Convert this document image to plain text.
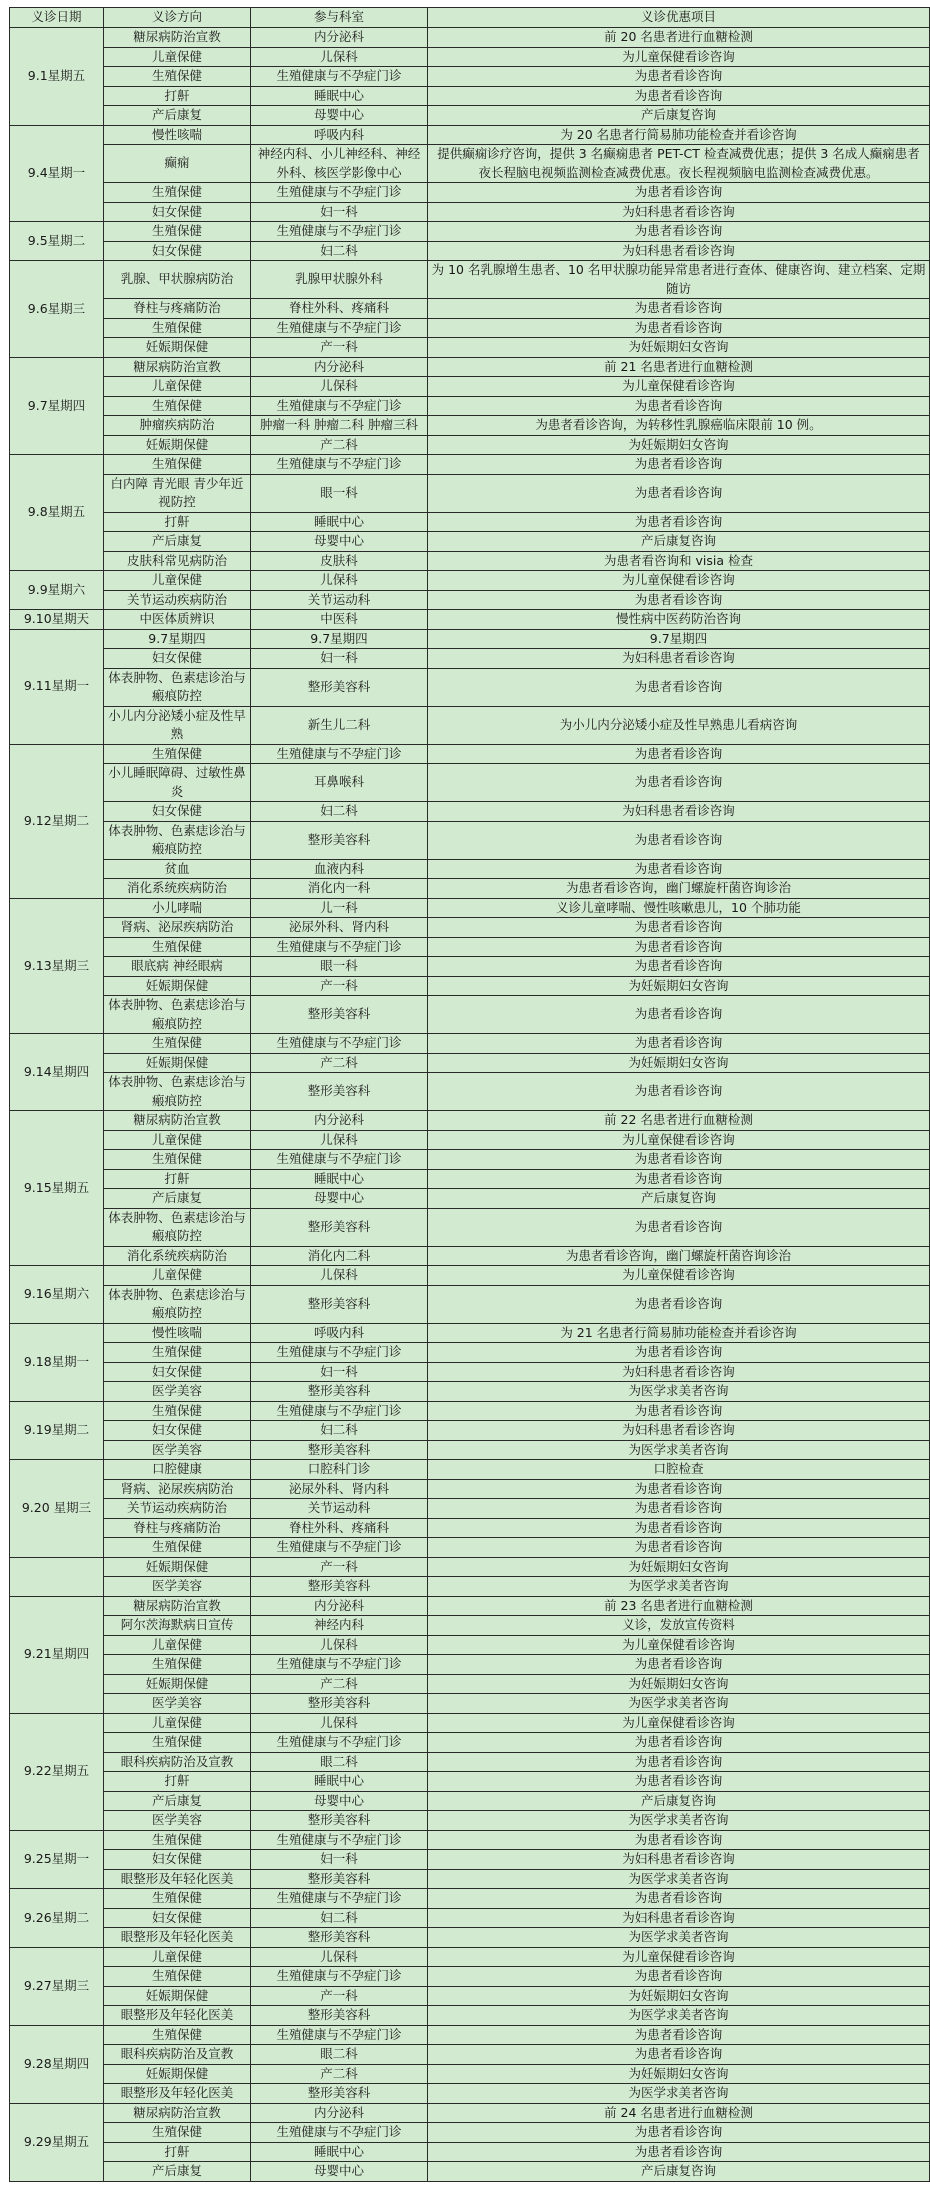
义诊日期	义诊方向	参与科室	义诊优惠项目
9.1星期五	糖尿病防治宣教	内分泌科	前 20 名患者进行血糖检测
	儿童保健	儿保科	为儿童保健看诊咨询
	生殖保健	生殖健康与不孕症门诊	为患者看诊咨询
	打鼾	睡眠中心	为患者看诊咨询
	产后康复	母婴中心	产后康复咨询
9.4星期一	慢性咳喘	呼吸内科	为 20 名患者行简易肺功能检查并看诊咨询
	癫痫	神经内科、小儿神经科、神经外科、核医学影像中心	提供癫痫诊疗咨询，提供 3 名癫痫患者 PET-CT 检查减费优惠；提供 3 名成人癫痫患者夜长程脑电视频监测检查减费优惠。夜长程视频脑电监测检查减费优惠。
	生殖保健	生殖健康与不孕症门诊	为患者看诊咨询
	妇女保健	妇一科	为妇科患者看诊咨询
9.5星期二	生殖保健	生殖健康与不孕症门诊	为患者看诊咨询
	妇女保健	妇二科	为妇科患者看诊咨询
9.6星期三	乳腺、甲状腺病防治	乳腺甲状腺外科	为 10 名乳腺增生患者、10 名甲状腺功能异常患者进行查体、健康咨询、建立档案、定期随访
	脊柱与疼痛防治	脊柱外科、疼痛科	为患者看诊咨询
	生殖保健	生殖健康与不孕症门诊	为患者看诊咨询
	妊娠期保健	产一科	为妊娠期妇女咨询
9.7星期四	糖尿病防治宣教	内分泌科	前 21 名患者进行血糖检测
	儿童保健	儿保科	为儿童保健看诊咨询
	生殖保健	生殖健康与不孕症门诊	为患者看诊咨询
	肿瘤疾病防治	肿瘤一科 肿瘤二科 肿瘤三科	为患者看诊咨询，为转移性乳腺癌临床限前 10 例。
	妊娠期保健	产二科	为妊娠期妇女咨询
9.8星期五	生殖保健	生殖健康与不孕症门诊	为患者看诊咨询
	白内障 青光眼 青少年近视防控	眼一科	为患者看诊咨询
	打鼾	睡眠中心	为患者看诊咨询
	产后康复	母婴中心	产后康复咨询
	皮肤科常见病防治	皮肤科	为患者看咨询和 visia 检查
9.9星期六	儿童保健	儿保科	为儿童保健看诊咨询
	关节运动疾病防治	关节运动科	为患者看诊咨询
9.10星期天	中医体质辨识	中医科	慢性病中医药防治咨询
9.11星期一	9.7星期四	9.7星期四	9.7星期四
	妇女保健	妇一科	为妇科患者看诊咨询
	体表肿物、色素痣诊治与瘢痕防控	整形美容科	为患者看诊咨询
	小儿内分泌矮小症及性早熟	新生儿二科	为小儿内分泌矮小症及性早熟患儿看病咨询
9.12星期二	生殖保健	生殖健康与不孕症门诊	为患者看诊咨询
	小儿睡眠障碍、过敏性鼻炎	耳鼻喉科	为患者看诊咨询
	妇女保健	妇二科	为妇科患者看诊咨询
	体表肿物、色素痣诊治与瘢痕防控	整形美容科	为患者看诊咨询
	贫血	血液内科	为患者看诊咨询
	消化系统疾病防治	消化内一科	为患者看诊咨询，幽门螺旋杆菌咨询诊治
9.13星期三	小儿哮喘	儿一科	义诊儿童哮喘、慢性咳嗽患儿，10 个肺功能
	肾病、泌尿疾病防治	泌尿外科、肾内科	为患者看诊咨询
	生殖保健	生殖健康与不孕症门诊	为患者看诊咨询
	眼底病 神经眼病	眼一科	为患者看诊咨询
	妊娠期保健	产一科	为妊娠期妇女咨询
	体表肿物、色素痣诊治与瘢痕防控	整形美容科	为患者看诊咨询
9.14星期四	生殖保健	生殖健康与不孕症门诊	为患者看诊咨询
	妊娠期保健	产二科	为妊娠期妇女咨询
	体表肿物、色素痣诊治与瘢痕防控	整形美容科	为患者看诊咨询
9.15星期五	糖尿病防治宣教	内分泌科	前 22 名患者进行血糖检测
	儿童保健	儿保科	为儿童保健看诊咨询
	生殖保健	生殖健康与不孕症门诊	为患者看诊咨询
	打鼾	睡眠中心	为患者看诊咨询
	产后康复	母婴中心	产后康复咨询
	体表肿物、色素痣诊治与瘢痕防控	整形美容科	为患者看诊咨询
	消化系统疾病防治	消化内二科	为患者看诊咨询，幽门螺旋杆菌咨询诊治
9.16星期六	儿童保健	儿保科	为儿童保健看诊咨询
	体表肿物、色素痣诊治与瘢痕防控	整形美容科	为患者看诊咨询
9.18星期一	慢性咳喘	呼吸内科	为 21 名患者行简易肺功能检查并看诊咨询
	生殖保健	生殖健康与不孕症门诊	为患者看诊咨询
	妇女保健	妇一科	为妇科患者看诊咨询
	医学美容	整形美容科	为医学求美者咨询
9.19星期二	生殖保健	生殖健康与不孕症门诊	为患者看诊咨询
	妇女保健	妇二科	为妇科患者看诊咨询
	医学美容	整形美容科	为医学求美者咨询
9.20 星期三	口腔健康	口腔科门诊	口腔检查
	肾病、泌尿疾病防治	泌尿外科、肾内科	为患者看诊咨询
	关节运动疾病防治	关节运动科	为患者看诊咨询
	脊柱与疼痛防治	脊柱外科、疼痛科	为患者看诊咨询
	生殖保健	生殖健康与不孕症门诊	为患者看诊咨询
	妊娠期保健	产一科	为妊娠期妇女咨询
	医学美容	整形美容科	为医学求美者咨询
9.21星期四	糖尿病防治宣教	内分泌科	前 23 名患者进行血糖检测
	阿尔茨海默病日宣传	神经内科	义诊，发放宣传资料
	儿童保健	儿保科	为儿童保健看诊咨询
	生殖保健	生殖健康与不孕症门诊	为患者看诊咨询
	妊娠期保健	产二科	为妊娠期妇女咨询
	医学美容	整形美容科	为医学求美者咨询
9.22星期五	儿童保健	儿保科	为儿童保健看诊咨询
	生殖保健	生殖健康与不孕症门诊	为患者看诊咨询
	眼科疾病防治及宣教	眼二科	为患者看诊咨询
	打鼾	睡眠中心	为患者看诊咨询
	产后康复	母婴中心	产后康复咨询
	医学美容	整形美容科	为医学求美者咨询
9.25星期一	生殖保健	生殖健康与不孕症门诊	为患者看诊咨询
	妇女保健	妇一科	为妇科患者看诊咨询
	眼整形及年轻化医美	整形美容科	为医学求美者咨询
9.26星期二	生殖保健	生殖健康与不孕症门诊	为患者看诊咨询
	妇女保健	妇二科	为妇科患者看诊咨询
	眼整形及年轻化医美	整形美容科	为医学求美者咨询
9.27星期三	儿童保健	儿保科	为儿童保健看诊咨询
	生殖保健	生殖健康与不孕症门诊	为患者看诊咨询
	妊娠期保健	产一科	为妊娠期妇女咨询
	眼整形及年轻化医美	整形美容科	为医学求美者咨询
9.28星期四	生殖保健	生殖健康与不孕症门诊	为患者看诊咨询
	眼科疾病防治及宣教	眼二科	为患者看诊咨询
	妊娠期保健	产二科	为妊娠期妇女咨询
	眼整形及年轻化医美	整形美容科	为医学求美者咨询
9.29星期五	糖尿病防治宣教	内分泌科	前 24 名患者进行血糖检测
	生殖保健	生殖健康与不孕症门诊	为患者看诊咨询
	打鼾	睡眠中心	为患者看诊咨询
	产后康复	母婴中心	产后康复咨询
